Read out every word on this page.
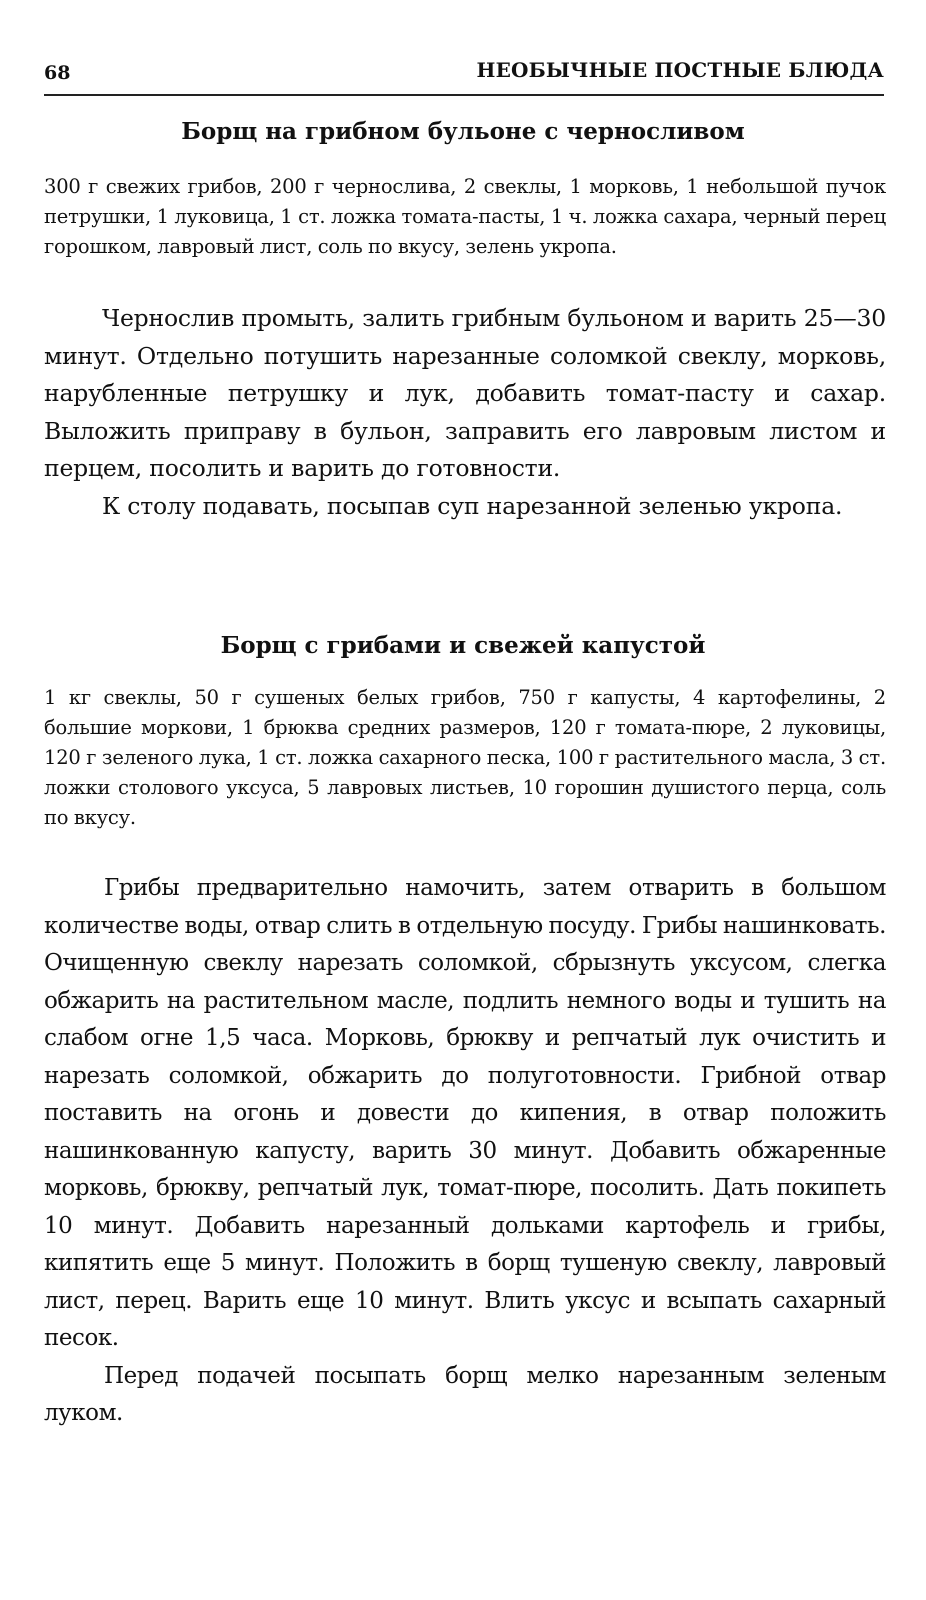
68	НЕОБЫЧНЫЕ ПОСТНЫЕ БЛЮДА
Борщ на грибном бульоне с черносливом
300 г свежих грибов, 200 г чернослива, 2 свеклы, 1 морковь, 1 небольшой пучок петрушки, 1 луковица, 1 ст. ложка томата-пасты, 1 ч. ложка сахара, черный перец горошком, лавровый лист, соль по вкусу, зелень укропа.

Чернослив промыть, залить грибным бульоном и варить 25—30 минут. Отдельно потушить нарезанные соломкой свеклу, морковь, нарубленные петрушку и лук, добавить томат-пасту и сахар. Выложить приправу в бульон, заправить его лавровым листом и перцем, посолить и варить до готовности.

К столу подавать, посыпав суп нарезанной зеленью укропа.

Борщ с грибами и свежей капустой
1 кг свеклы, 50 г сушеных белых грибов, 750 г капусты, 4 картофелины, 2 большие моркови, 1 брюква средних размеров, 120 г томата-пюре, 2 луковицы, 120 г зеленого лука, 1 ст. ложка сахарного песка, 100 г растительного масла, 3 ст. ложки столового уксуса, 5 лавровых листьев, 10 горошин душистого перца, соль по вкусу.

Грибы предварительно намочить, затем отварить в большом количестве воды, отвар слить в отдельную посуду. Грибы нашинковать. Очищенную свеклу нарезать соломкой, сбрызнуть уксусом, слегка обжарить на растительном масле, подлить немного воды и тушить на слабом огне 1,5 часа. Морковь, брюкву и репчатый лук очистить и нарезать соломкой, обжарить до полуготовности. Грибной отвар поставить на огонь и довести до кипения, в отвар положить нашинкованную капусту, варить 30 минут. Добавить обжаренные морковь, брюкву, репчатый лук, томат-пюре, посолить. Дать покипеть 10 минут. Добавить нарезанный дольками картофель и грибы, кипятить еще 5 минут. Положить в борщ тушеную свеклу, лавровый лист, перец. Варить еще 10 минут. Влить уксус и всыпать сахарный песок.

Перед подачей посыпать борщ мелко нарезанным зеленым луком.
